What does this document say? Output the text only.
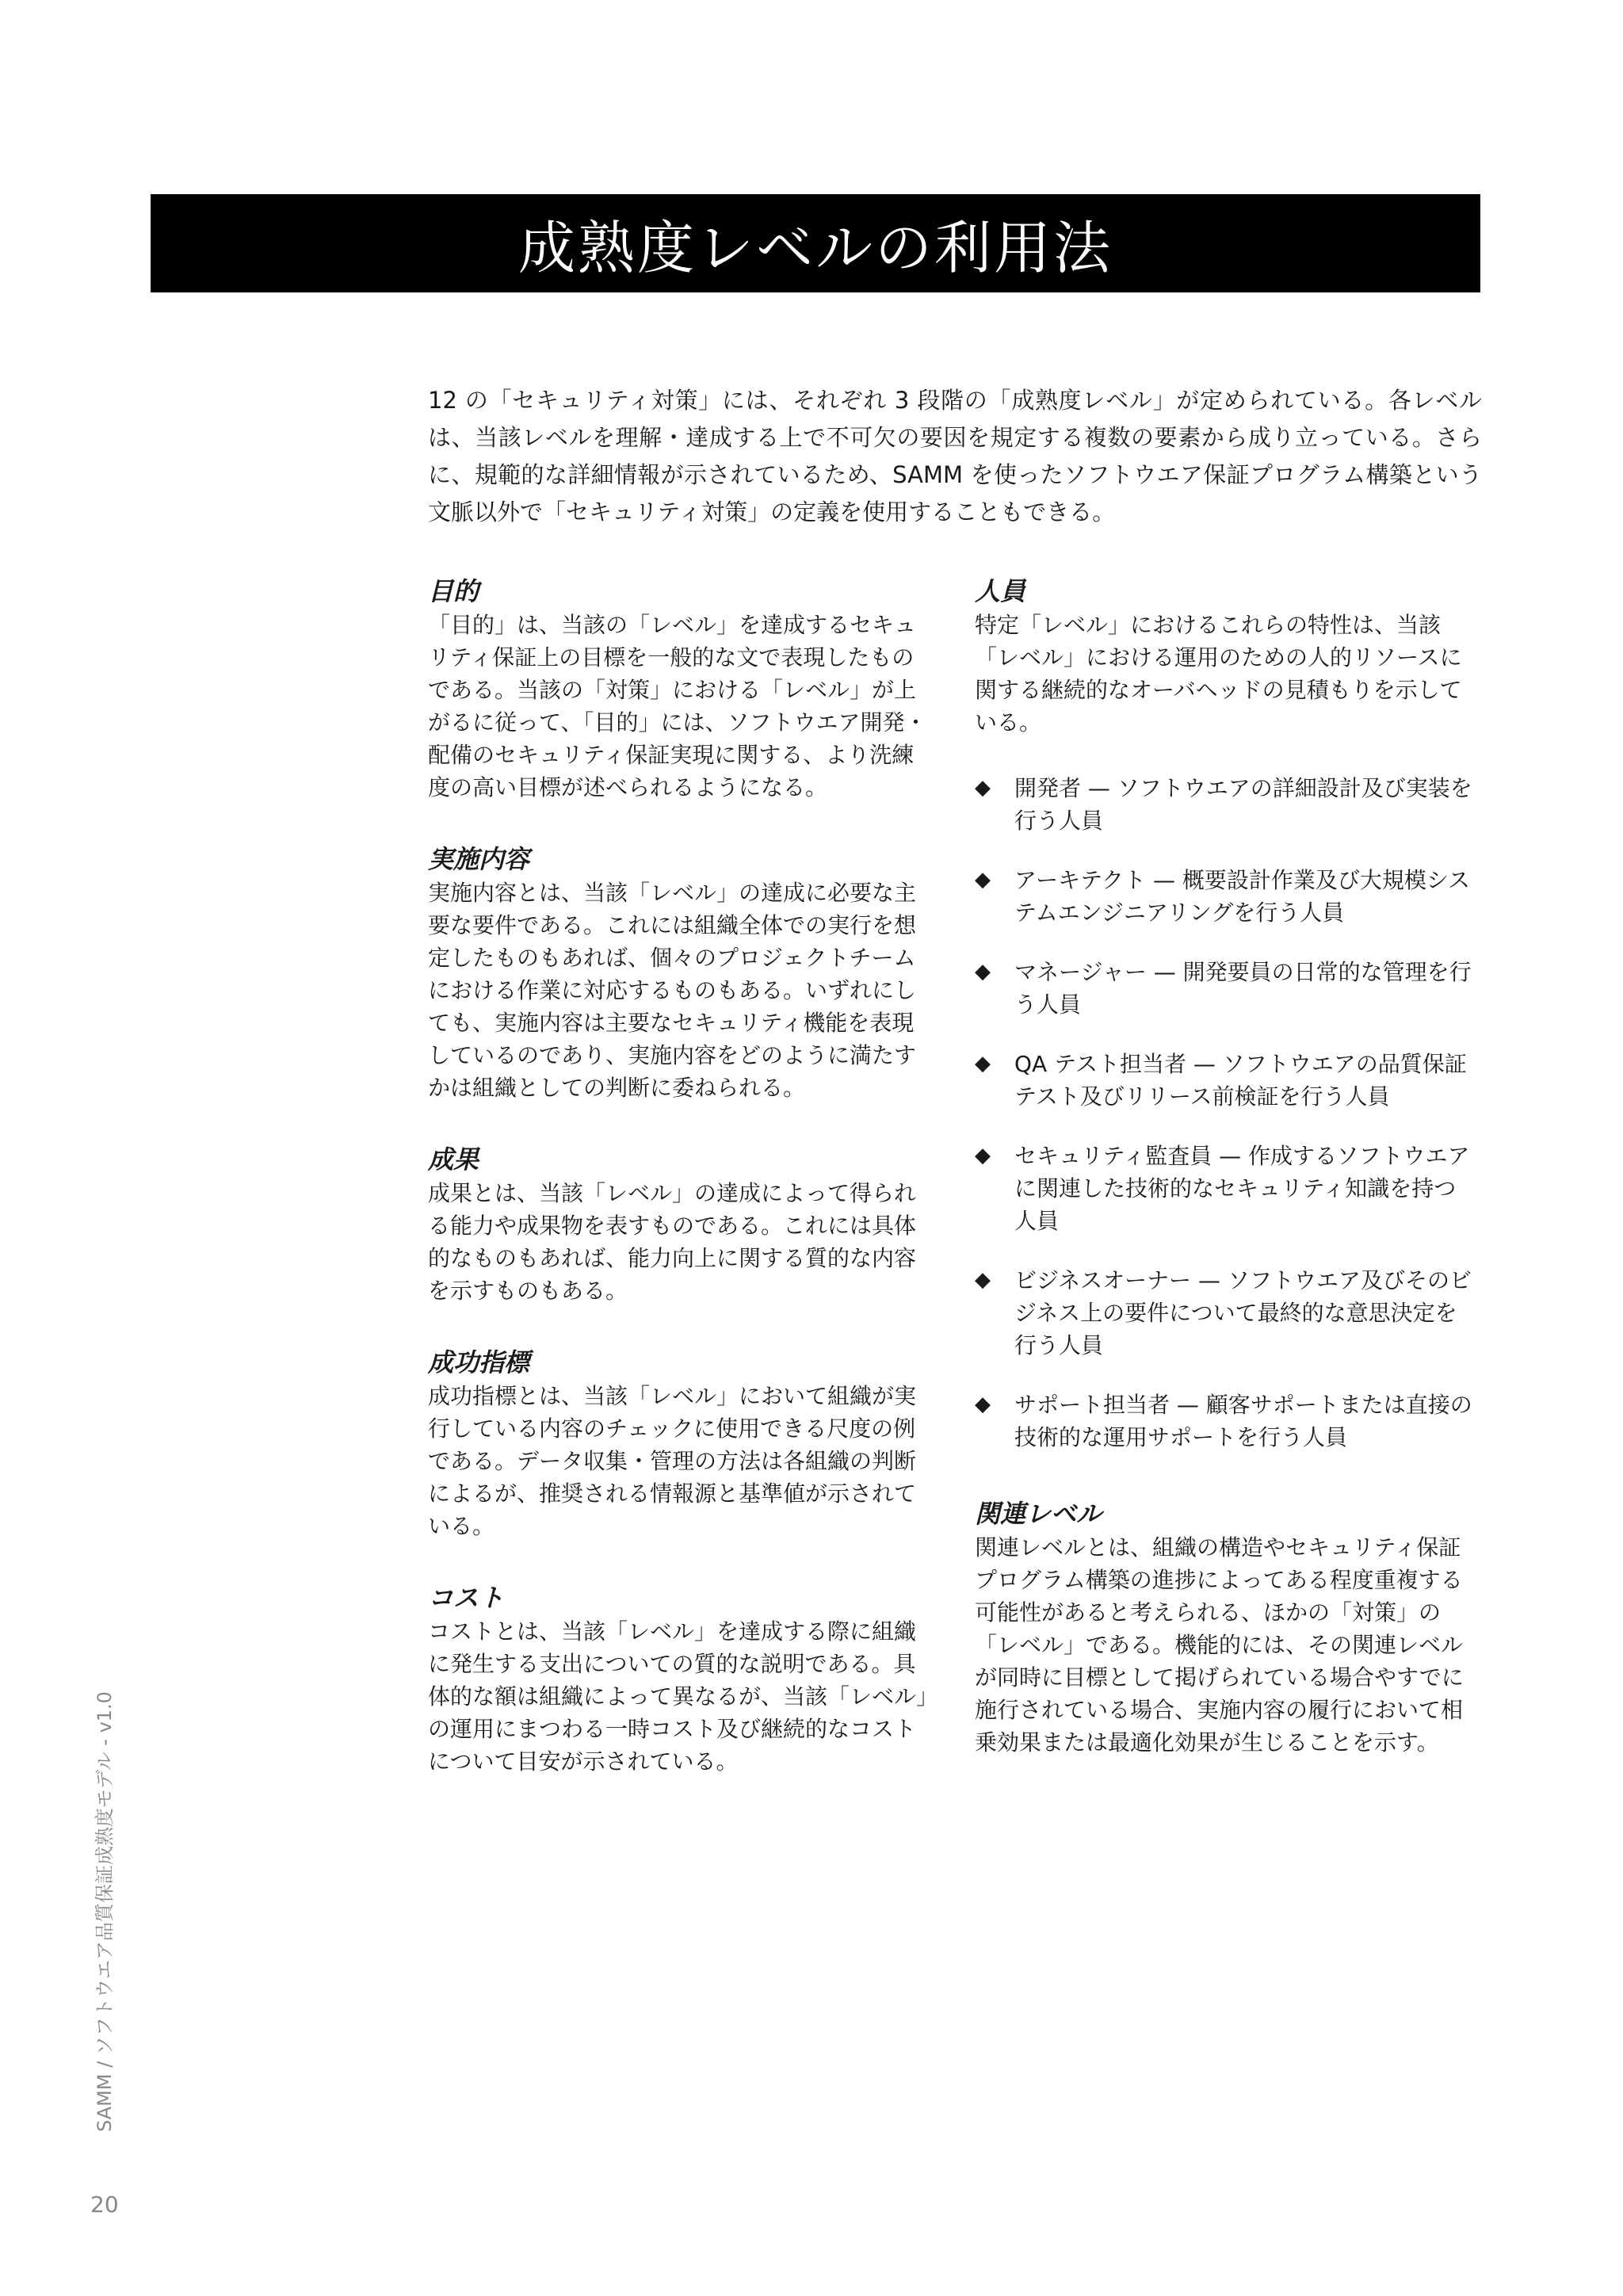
成熟度レベルの利用法

12 の「セキュリティ対策」には、それぞれ 3 段階の「成熟度レベル」が定められている。各レベルは、当該レベルを理解・達成する上で不可欠の要因を規定する複数の要素から成り立っている。さらに、規範的な詳細情報が示されているため、SAMM を使ったソフトウエア保証プログラム構築という文脈以外で「セキュリティ対策」の定義を使用することもできる。

目的

「目的」は、当該の「レベル」を達成するセキュリティ保証上の目標を一般的な文で表現したものである。当該の「対策」における「レベル」が上がるに従って、「目的」には、ソフトウエア開発・配備のセキュリティ保証実現に関する、より洗練度の高い目標が述べられるようになる。

実施内容

実施内容とは、当該「レベル」の達成に必要な主要な要件である。これには組織全体での実行を想定したものもあれば、個々のプロジェクトチームにおける作業に対応するものもある。いずれにしても、実施内容は主要なセキュリティ機能を表現しているのであり、実施内容をどのように満たすかは組織としての判断に委ねられる。

成果

成果とは、当該「レベル」の達成によって得られる能力や成果物を表すものである。これには具体的なものもあれば、能力向上に関する質的な内容を示すものもある。

成功指標

成功指標とは、当該「レベル」において組織が実行している内容のチェックに使用できる尺度の例である。データ収集・管理の方法は各組織の判断によるが、推奨される情報源と基準値が示されている。

コスト

コストとは、当該「レベル」を達成する際に組織に発生する支出についての質的な説明である。具体的な額は組織によって異なるが、当該「レベル」の運用にまつわる一時コスト及び継続的なコストについて目安が示されている。

人員

特定「レベル」におけるこれらの特性は、当該「レベル」における運用のための人的リソースに関する継続的なオーバヘッドの見積もりを示している。

◆ 開発者 — ソフトウエアの詳細設計及び実装を行う人員
◆ アーキテクト — 概要設計作業及び大規模システムエンジニアリングを行う人員
◆ マネージャー — 開発要員の日常的な管理を行う人員
◆ QA テスト担当者 — ソフトウエアの品質保証テスト及びリリース前検証を行う人員
◆ セキュリティ監査員 — 作成するソフトウエアに関連した技術的なセキュリティ知識を持つ人員
◆ ビジネスオーナー — ソフトウエア及びそのビジネス上の要件について最終的な意思決定を行う人員
◆ サポート担当者 — 顧客サポートまたは直接の技術的な運用サポートを行う人員
関連レベル

関連レベルとは、組織の構造やセキュリティ保証プログラム構築の進捗によってある程度重複する可能性があると考えられる、ほかの「対策」の「レベル」である。機能的には、その関連レベルが同時に目標として掲げられている場合やすでに施行されている場合、実施内容の履行において相乗効果または最適化効果が生じることを示す。

SAMM / ソフトウエア品質保証成熟度モデル - v1.0
20
